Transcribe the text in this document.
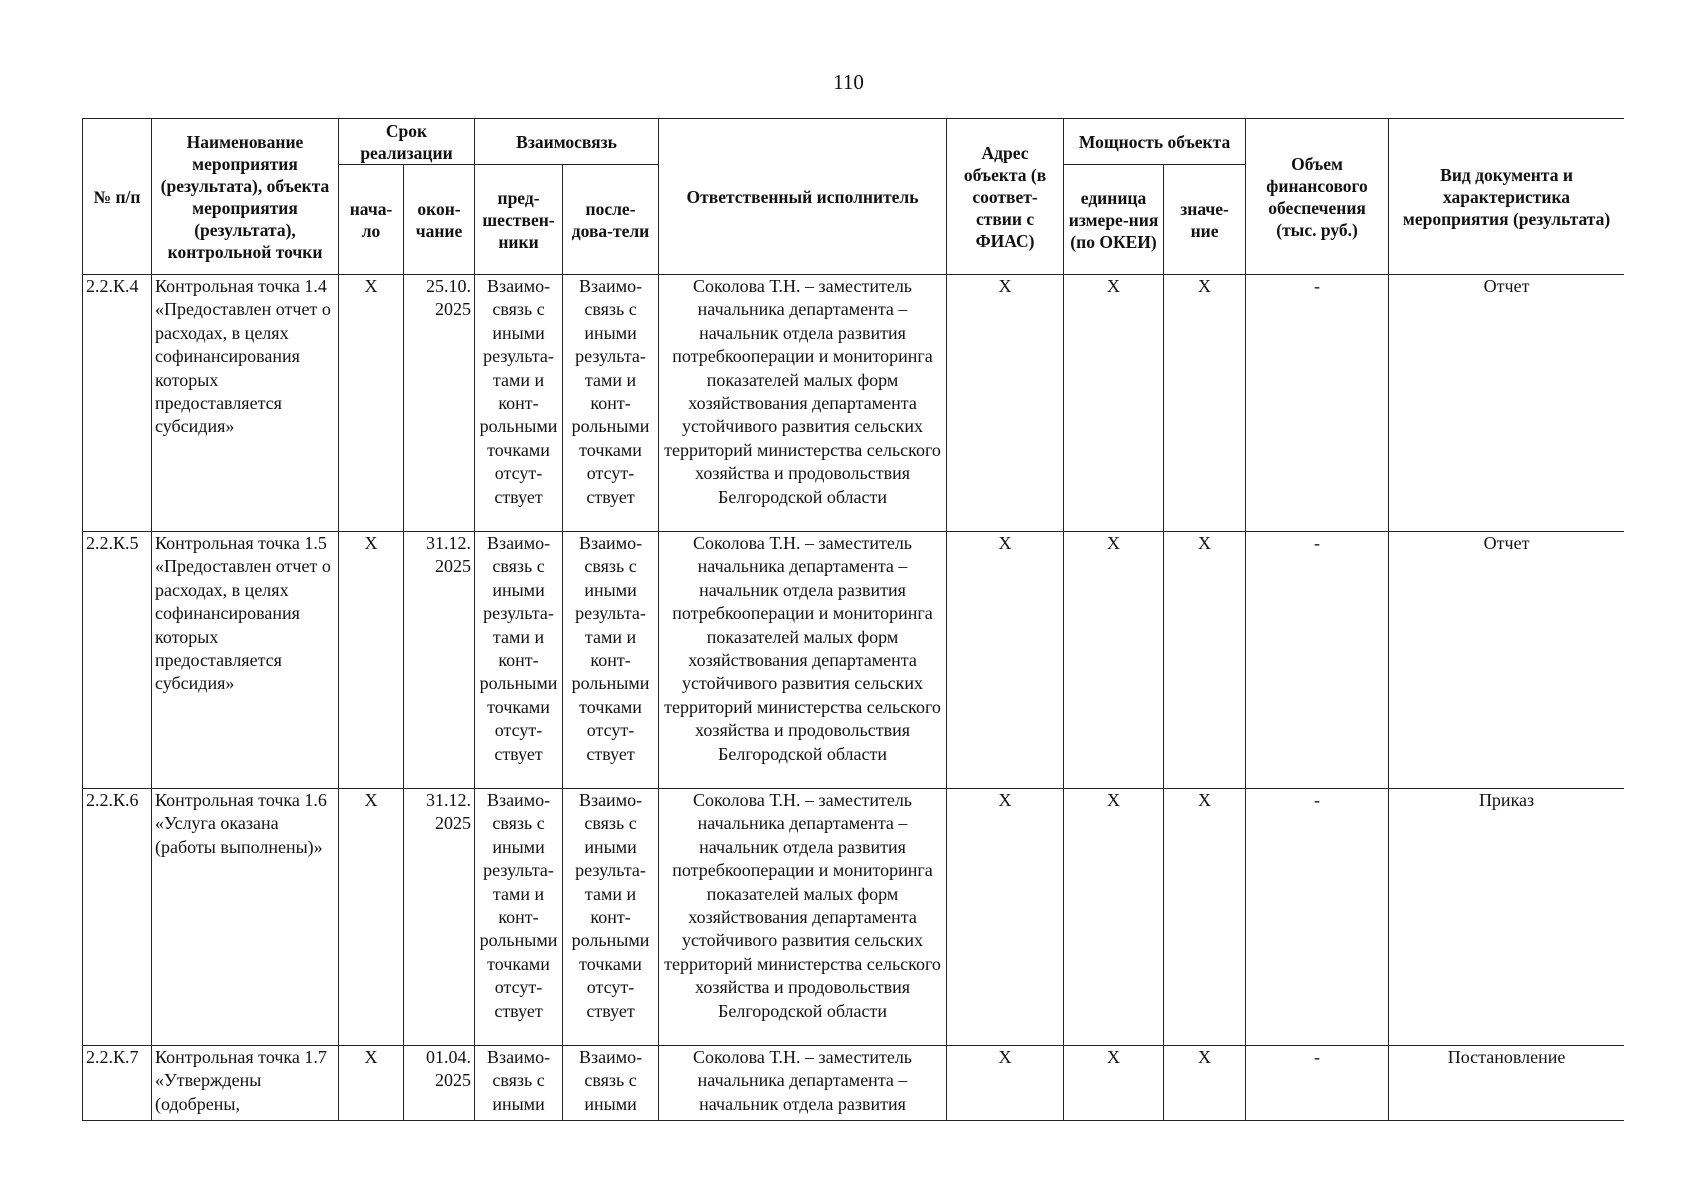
110
№ п/п	Наименование мероприятия (результата), объекта мероприятия (результата), контрольной точки	Срок реализации		Взаимосвязь		Ответственный исполнитель	Адрес объекта (в соответ-ствии с ФИАС)	Мощность объекта		Объем финансового обеспечения (тыс. руб.)	Вид документа и характеристика мероприятия (результата)
		нача-ло	окон-чание	пред-шествен-ники	после-дова-тели			единица измере-ния (по ОКЕИ)	значе-ние		
2.2.К.4	Контрольная точка 1.4 «Предоставлен отчет о расходах, в целях софинансирования которых предоставляется субсидия»	X	25.10. 2025	Взаимо-связь с иными результа-тами и конт-рольными точками отсут-ствует	Взаимо-связь с иными результа-тами и конт-рольными точками отсут-ствует	Соколова Т.Н. – заместитель начальника департамента – начальник отдела развития потребкооперации и мониторинга показателей малых форм хозяйствования департамента устойчивого развития сельских территорий министерства сельского хозяйства и продовольствия Белгородской области	X	X	X	-	Отчет
2.2.К.5	Контрольная точка 1.5 «Предоставлен отчет о расходах, в целях софинансирования которых предоставляется субсидия»	X	31.12. 2025	Взаимо-связь с иными результа-тами и конт-рольными точками отсут-ствует	Взаимо-связь с иными результа-тами и конт-рольными точками отсут-ствует	Соколова Т.Н. – заместитель начальника департамента – начальник отдела развития потребкооперации и мониторинга показателей малых форм хозяйствования департамента устойчивого развития сельских территорий министерства сельского хозяйства и продовольствия Белгородской области	X	X	X	-	Отчет
2.2.К.6	Контрольная точка 1.6 «Услуга оказана (работы выполнены)»	X	31.12. 2025	Взаимо-связь с иными результа-тами и конт-рольными точками отсут-ствует	Взаимо-связь с иными результа-тами и конт-рольными точками отсут-ствует	Соколова Т.Н. – заместитель начальника департамента – начальник отдела развития потребкооперации и мониторинга показателей малых форм хозяйствования департамента устойчивого развития сельских территорий министерства сельского хозяйства и продовольствия Белгородской области	X	X	X	-	Приказ
2.2.К.7	Контрольная точка 1.7 «Утверждены (одобрены,	X	01.04. 2025	Взаимо-связь с иными	Взаимо-связь с иными	Соколова Т.Н. – заместитель начальника департамента – начальник отдела развития	X	X	X	-	Постановление
